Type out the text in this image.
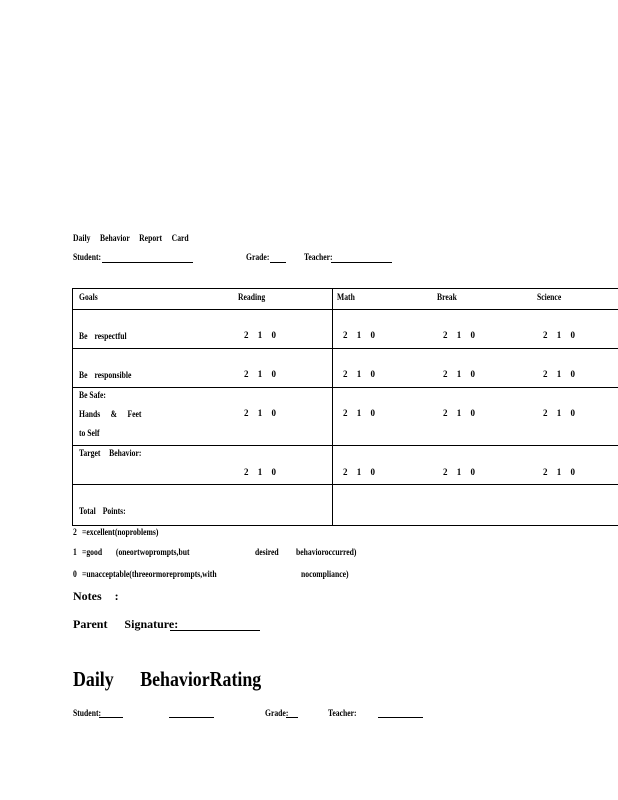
Daily Behavior Report Card
Student:	Grade:	Teacher:
Goals	Reading	Math	Break	Science
Be respectful	2 1 0	2 1 0	2 1 0	2 1 0
Be responsible	2 1 0	2 1 0	2 1 0	2 1 0
Be Safe:
Hands & Feet
to Self
2 1 0	2 1 0	2 1 0	2 1 0
Target Behavior:
2 1 0	2 1 0	2 1 0	2 1 0
Total Points:
2 =excellent(noproblems)
1 =good (oneortwoprompts,but	desired behavioroccurred)
0 =unacceptable(threeormoreprompts,with	nocompliance)
Notes :
Parent Signature:
Daily BehaviorRating
Student:	Grade:	Teacher:
